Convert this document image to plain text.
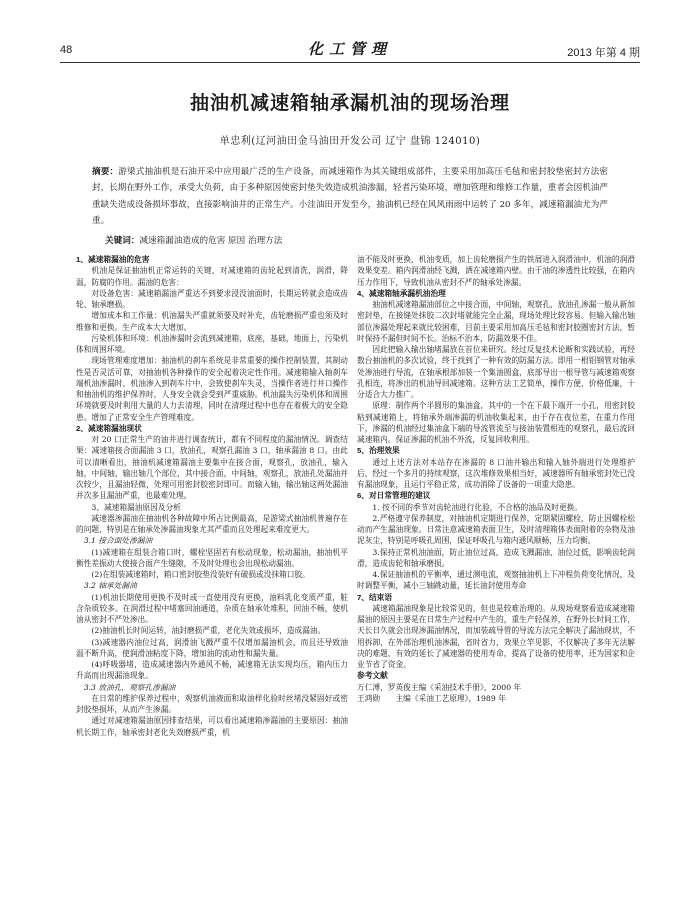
48	化工管理	2013 年第 4 期
抽油机减速箱轴承漏机油的现场治理
单忠利(辽河油田金马油田开发公司 辽宁 盘锦 124010)
摘要：游梁式抽油机是石油开采中应用最广泛的生产设备，而减速箱作为其关键组成部件，主要采用加高压毛毡和密封胶垫密封方法密封，长期在野外工作，承受大负荷，由于多种原因使密封垫失效造成机油渗漏，轻者污染环境，增加管理和维修工作量，重者会因机油严重缺失造成设备损坏事故，直接影响油井的正常生产。小洼油田开发至今，抽油机已经在风风雨雨中运转了 20 多年，减速箱漏油尤为严重。
关键词：减速箱漏油造成的危害 原因 治理方法

1、减速箱漏油的危害

机油是保证抽油机正常运转的关键，对减速箱的齿轮起到清洗，润滑，降温，防腐的作用。漏油的危害：

对设备危害：减速箱漏油严重达不到要求浸没油面时，长期运转就会造成齿轮、轴承磨损。

增加成本和工作量：机油漏失严重就须要及时补充，齿轮磨损严重也须及时维修和更换。生产成本大大增加。

污染机体和环境：机油渗漏时会流到减速箱，底座，基础，地面上，污染机体和周围环境。

现场管理难度增加：抽油机的刹车系统是非常重要的操作控制装置，其制动性是否灵活可靠，对抽油机各种操作的安全起着决定性作用。减速箱输入轴刹车端机油渗漏时，机油渗入到刹车片中，会致使刹车失灵，当操作者进行井口操作和抽油机的维护保养时，人身安全就会受到严重威胁。机油漏失污染机体和周围环境就要及时利用大量的人力去清理，同时在清理过程中也存在着极大的安全隐患。增加了正常安全生产管理难度。

2、减速箱漏油现状

对 20 口正常生产的油井进行调查统计，都有不同程度的漏油情况。调查结果：减速箱接合面漏油 3 口，放油孔，观察孔漏油 3 口，轴承漏油 8 口。由此可以清晰看出，抽油机减速箱漏油主要集中在接合面，观察孔，放油孔，输入轴，中间轴，输出轴几个部位，其中接合面，中间轴，观察孔，放油孔处漏油并次较少，且漏油轻微，处理可用密封胶密封即可。而输入轴，输出轴这两处漏油并次多且漏油严重，也最难处理。

3、减速箱漏油原因及分析

减速器渗漏油在抽油机各种故障中所占比例最高，是游梁式抽油机普遍存在的问题，特别是在轴承处渗漏油现象尤其严重而且处理起来难度更大。

3.1 接合面处渗漏油

(1)减速箱在组装合箱口时，螺栓坚固若有松动现象，松动漏油，抽油机平衡性差振动大使接合面产生缝隙，不及时处理也会出现松动漏油。

(2)在组装减速箱时，箱口密封胶垫没装好有破损或没抹箱口胶。

3.2 轴承处漏油

(1)机油长期使用更换不及时或一直使用没有更换，油料乳化变质严重，脏含杂质较多。在润滑过程中堵塞回油通道，杂质在轴承处堆积，回油不畅，使机油从密封不严处渗出。

(2)抽油机长时间运转，油封磨损严重，老化失效或损坏，造成漏油。

(3)减速器内油位过高，润滑油飞溅严重不仅增加漏油机会，而且还导致油温不断升高，使润滑油粘度下降，增加油的流动性和漏失量。

(4)呼吸器堵，造成减速器内外通风不畅，减速箱无法实现均压，箱内压力升高而出现漏油现象。

3.3 放油孔，观察孔渗漏油

在日常的维护保养过程中，观察机油液面和取油样化验时丝堵没紧固好或密封胶垫损坏，从而产生渗漏。

通过对减速箱漏油原因排查结果，可以看出减速箱渗漏油的主要原因：抽油机长期工作，轴承密封老化失效磨损严重，机

油不能及时更换，机油变质，加上齿轮磨损产生的铁屑进入润滑油中，机油的润滑效果变差。箱内润滑油经飞溅，洒在减速箱内壁。由于油的渗透性比较强，在箱内压力作用下，导致机油从密封不严的轴承处渗漏。

4、减速箱轴承漏机油治理

抽油机减速箱漏油部位之中接合面，中间轴，观察孔，放油孔渗漏一般从新加密封垫，在接缝处抹胶二次封堵就能完全止漏，现场处理比较容易。但输入输出轴部位渗漏处理起来就比较困难，目前主要采用加高压毛毡和密封胶圈密封方法，暂时保持不漏但时间不长。治标不治本，防漏效果不佳。

因此把输入输出轴堵漏放在首位来研究。经过反复技术论断和实践试验，再经数台抽油机的多次试验，终于找到了一种有效的防漏方法。即用一根铝钢管对轴承处渗油进行导流，在轴承根部加装一个集油圆盒，底部导出一根导管与减速箱观察孔相连，将渗出的机油导回减速箱。这种方法工艺简单，操作方便，价格低廉，十分适合大力推广。

原理：制作两个半圆形的集油盒，其中的一个在下最下端开一小孔，用密封胶粘到减速箱上，将轴承外端渗漏的机油收集起来，由于存在夜位差，在重力作用下，渗漏的机油经过集油盒下端的导流管流至与接油装置相连的观察孔，最后流回减速箱内。保证渗漏的机油不外流，反复回收利用。

5、治理效果

通过上述方法对本站存在渗漏的 8 口油井输出和输入轴外端进行处理维护后，经过一个多月的持续观察，这次堆修效果相当好，减速器所有轴承密封处已没有漏油现象，且运行平稳正常，成功消除了设备的一项重大隐患。

6、对日常管理的建议

1. 按不同的季节对齿轮油进行化验，不合格的油品及时更换。

2.严格遵守保养制度，对抽油机定期进行保养，定期紧固螺栓，防止因螺栓松动而产生漏油现象。日常注意减速箱表面卫生，及时清理箱体表面附着的杂物及油泥灰尘，特别是呼吸孔周围，保证呼吸孔与箱内通风顺畅，压力均衡。

3.保持正常机油油面，防止油位过高，造成飞溅漏油，油位过低，影响齿轮润滑，造成齿轮和轴承磨损。

4.保证抽油机的平衡率，通过测电流，观察抽油机上下冲程负荷变化情况，及时调整平衡，减小三轴跳动量，延长油封使用寿命

7、结束语

减速箱漏油现象是比较常见的，但也是较难治理的。从现场观察看造成减速箱漏油的原因主要是在日常生产过程中产生的，重生产轻保养，在野外长时间工作，天长日久就会出现渗漏油情况，而加装疏导管的导流方法完全解决了漏油现状，不用拆卸，在外部治理机油渗漏，省时省力，效果立竿见影，不仅解决了多年无法解决的难题，有效的延长了减速器的使用寿命，提高了设备的使用率，还为国家和企业节省了资金。

参考文献

万仁溥，罗英俊主编《采油技术手册》，2000 年

王鸿勋　　主编《采油工艺原理》，1989 年
